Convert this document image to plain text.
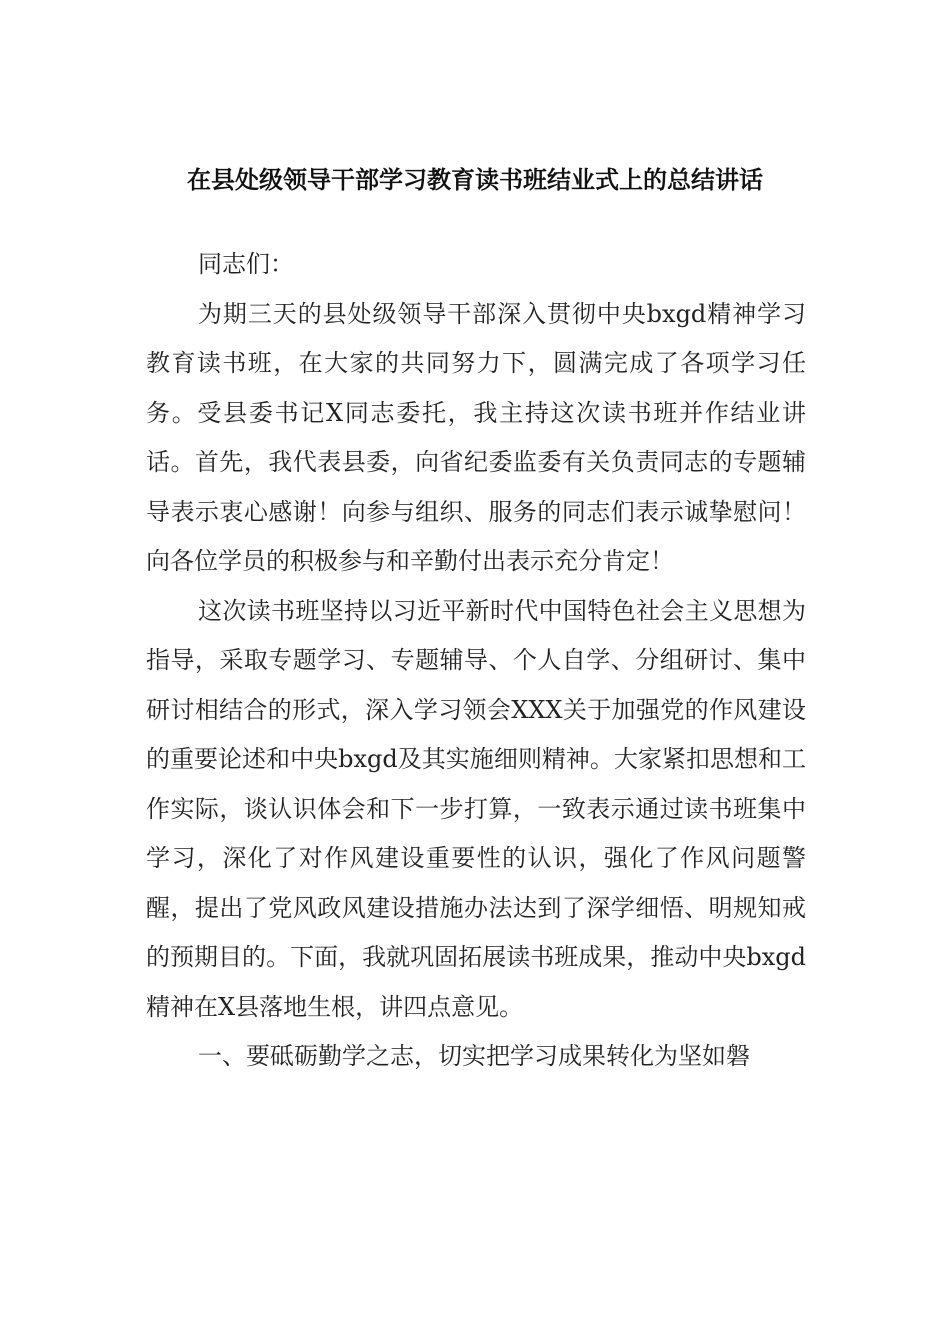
在县处级领导干部学习教育读书班结业式上的总结讲话

同志们：

为期三天的县处级领导干部深入贯彻中央bxgd精神学习教育读书班，在大家的共同努力下，圆满完成了各项学习任务。受县委书记X同志委托，我主持这次读书班并作结业讲话。首先，我代表县委，向省纪委监委有关负责同志的专题辅导表示衷心感谢！向参与组织、服务的同志们表示诚挚慰问！向各位学员的积极参与和辛勤付出表示充分肯定！

这次读书班坚持以习近平新时代中国特色社会主义思想为指导，采取专题学习、专题辅导、个人自学、分组研讨、集中研讨相结合的形式，深入学习领会XXX关于加强党的作风建设的重要论述和中央bxgd及其实施细则精神。大家紧扣思想和工作实际，谈认识体会和下一步打算，一致表示通过读书班集中学习，深化了对作风建设重要性的认识，强化了作风问题警醒，提出了党风政风建设措施办法达到了深学细悟、明规知戒的预期目的。下面，我就巩固拓展读书班成果，推动中央bxgd精神在X县落地生根，讲四点意见。

一、要砥砺勤学之志，切实把学习成果转化为坚如磐
